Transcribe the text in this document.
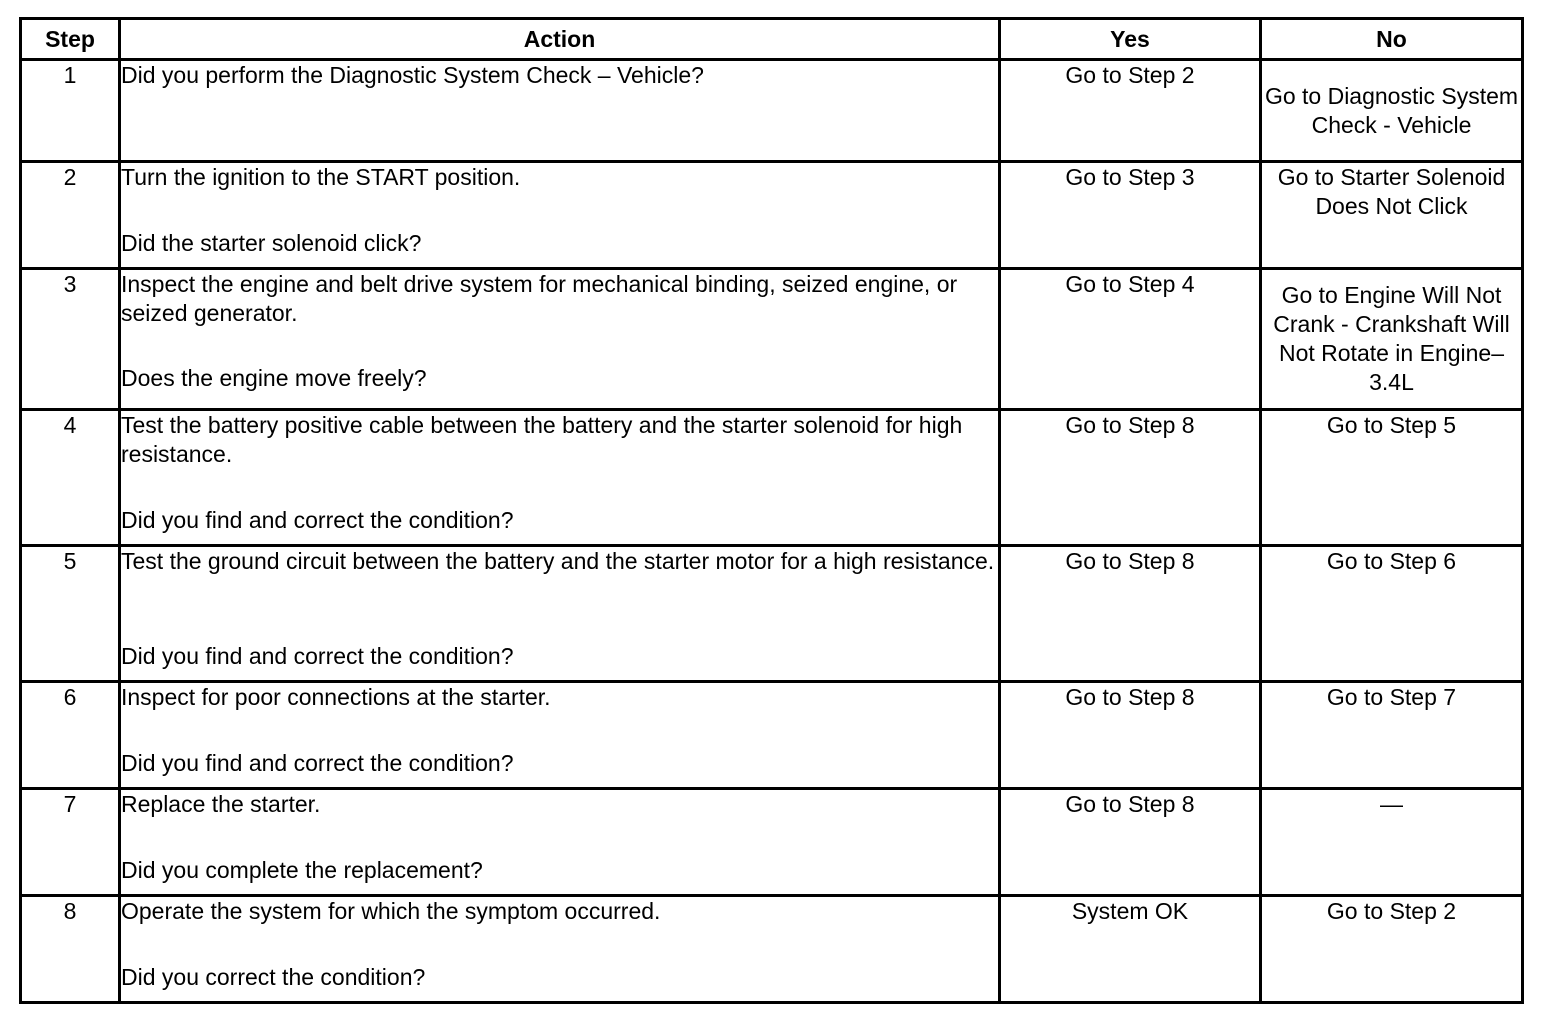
Step	Action	Yes	No
1	Did you perform the Diagnostic System Check – Vehicle?	Go to Step 2	Go to Diagnostic System Check - Vehicle
2	Turn the ignition to the START position.
Did the starter solenoid click?	Go to Step 3	Go to Starter Solenoid Does Not Click
3	Inspect the engine and belt drive system for mechanical binding, seized engine, or seized generator.
Does the engine move freely?	Go to Step 4	Go to Engine Will Not Crank - Crankshaft Will Not Rotate in Engine–3.4L
4	Test the battery positive cable between the battery and the starter solenoid for high resistance.
Did you find and correct the condition?	Go to Step 8	Go to Step 5
5	Test the ground circuit between the battery and the starter motor for a high resistance.
Did you find and correct the condition?	Go to Step 8	Go to Step 6
6	Inspect for poor connections at the starter.
Did you find and correct the condition?	Go to Step 8	Go to Step 7
7	Replace the starter.
Did you complete the replacement?	Go to Step 8	—
8	Operate the system for which the symptom occurred.
Did you correct the condition?	System OK	Go to Step 2
